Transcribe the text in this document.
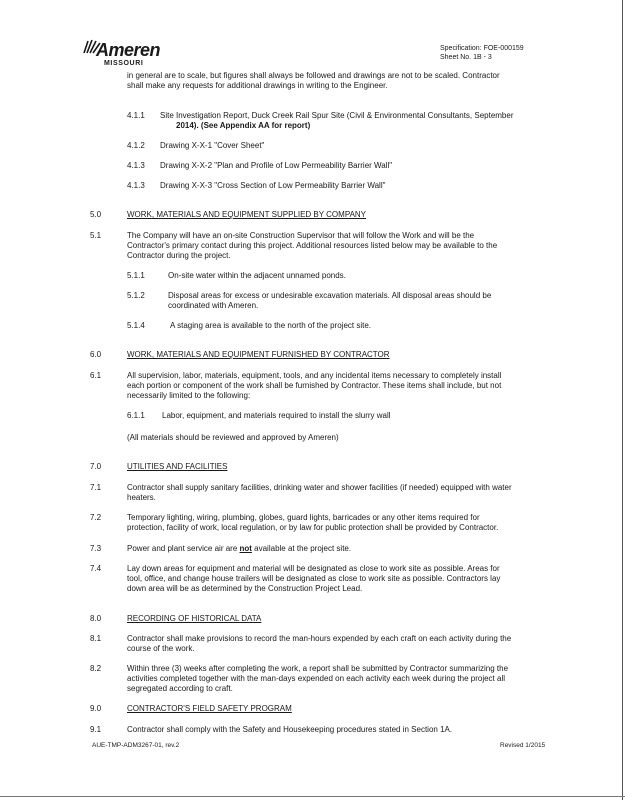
Ameren
MISSOURI
Specification: FOE-000159
Sheet No. 1B - 3
in general are to scale, but figures shall always be followed and drawings are not to be scaled. Contractor
shall make any requests for additional drawings in writing to the Engineer.
4.1.1 Site Investigation Report, Duck Creek Rail Spur Site (Civil & Environmental Consultants, September
2014). (See Appendix AA for report)
4.1.2 Drawing X-X-1 "Cover Sheet"
4.1.3 Drawing X-X-2 "Plan and Profile of Low Permeability Barrier Wall"
4.1.3 Drawing X-X-3 "Cross Section of Low Permeability Barrier Wall"
5.0	WORK, MATERIALS AND EQUIPMENT SUPPLIED BY COMPANY
5.1	The Company will have an on-site Construction Supervisor that will follow the Work and will be the
Contractor's primary contact during this project. Additional resources listed below may be available to the
Contractor during the project.
5.1.1	On-site water within the adjacent unnamed ponds.
5.1.2	Disposal areas for excess or undesirable excavation materials. All disposal areas should be
coordinated with Ameren.
5.1.4	A staging area is available to the north of the project site.
6.0	WORK, MATERIALS AND EQUIPMENT FURNISHED BY CONTRACTOR
6.1	All supervision, labor, materials, equipment, tools, and any incidental items necessary to completely install
each portion or component of the work shall be furnished by Contractor. These items shall include, but not
necessarily limited to the following:
6.1.1 Labor, equipment, and materials required to install the slurry wall
(All materials should be reviewed and approved by Ameren)
7.0	UTILITIES AND FACILITIES
7.1	Contractor shall supply sanitary facilities, drinking water and shower facilities (if needed) equipped with water
heaters.
7.2	Temporary lighting, wiring, plumbing, globes, guard lights, barricades or any other items required for
protection, facility of work, local regulation, or by law for public protection shall be provided by Contractor.
7.3	Power and plant service air are not available at the project site.
7.4	Lay down areas for equipment and material will be designated as close to work site as possible. Areas for
tool, office, and change house trailers will be designated as close to work site as possible. Contractors lay
down area will be as determined by the Construction Project Lead.
8.0	RECORDING OF HISTORICAL DATA
8.1	Contractor shall make provisions to record the man-hours expended by each craft on each activity during the
course of the work.
8.2	Within three (3) weeks after completing the work, a report shall be submitted by Contractor summarizing the
activities completed together with the man-days expended on each activity each week during the project all
segregated according to craft.
9.0	CONTRACTOR'S FIELD SAFETY PROGRAM
9.1	Contractor shall comply with the Safety and Housekeeping procedures stated in Section 1A.
AUE-TMP-ADM3267-01, rev.2	Revised 1/2015
